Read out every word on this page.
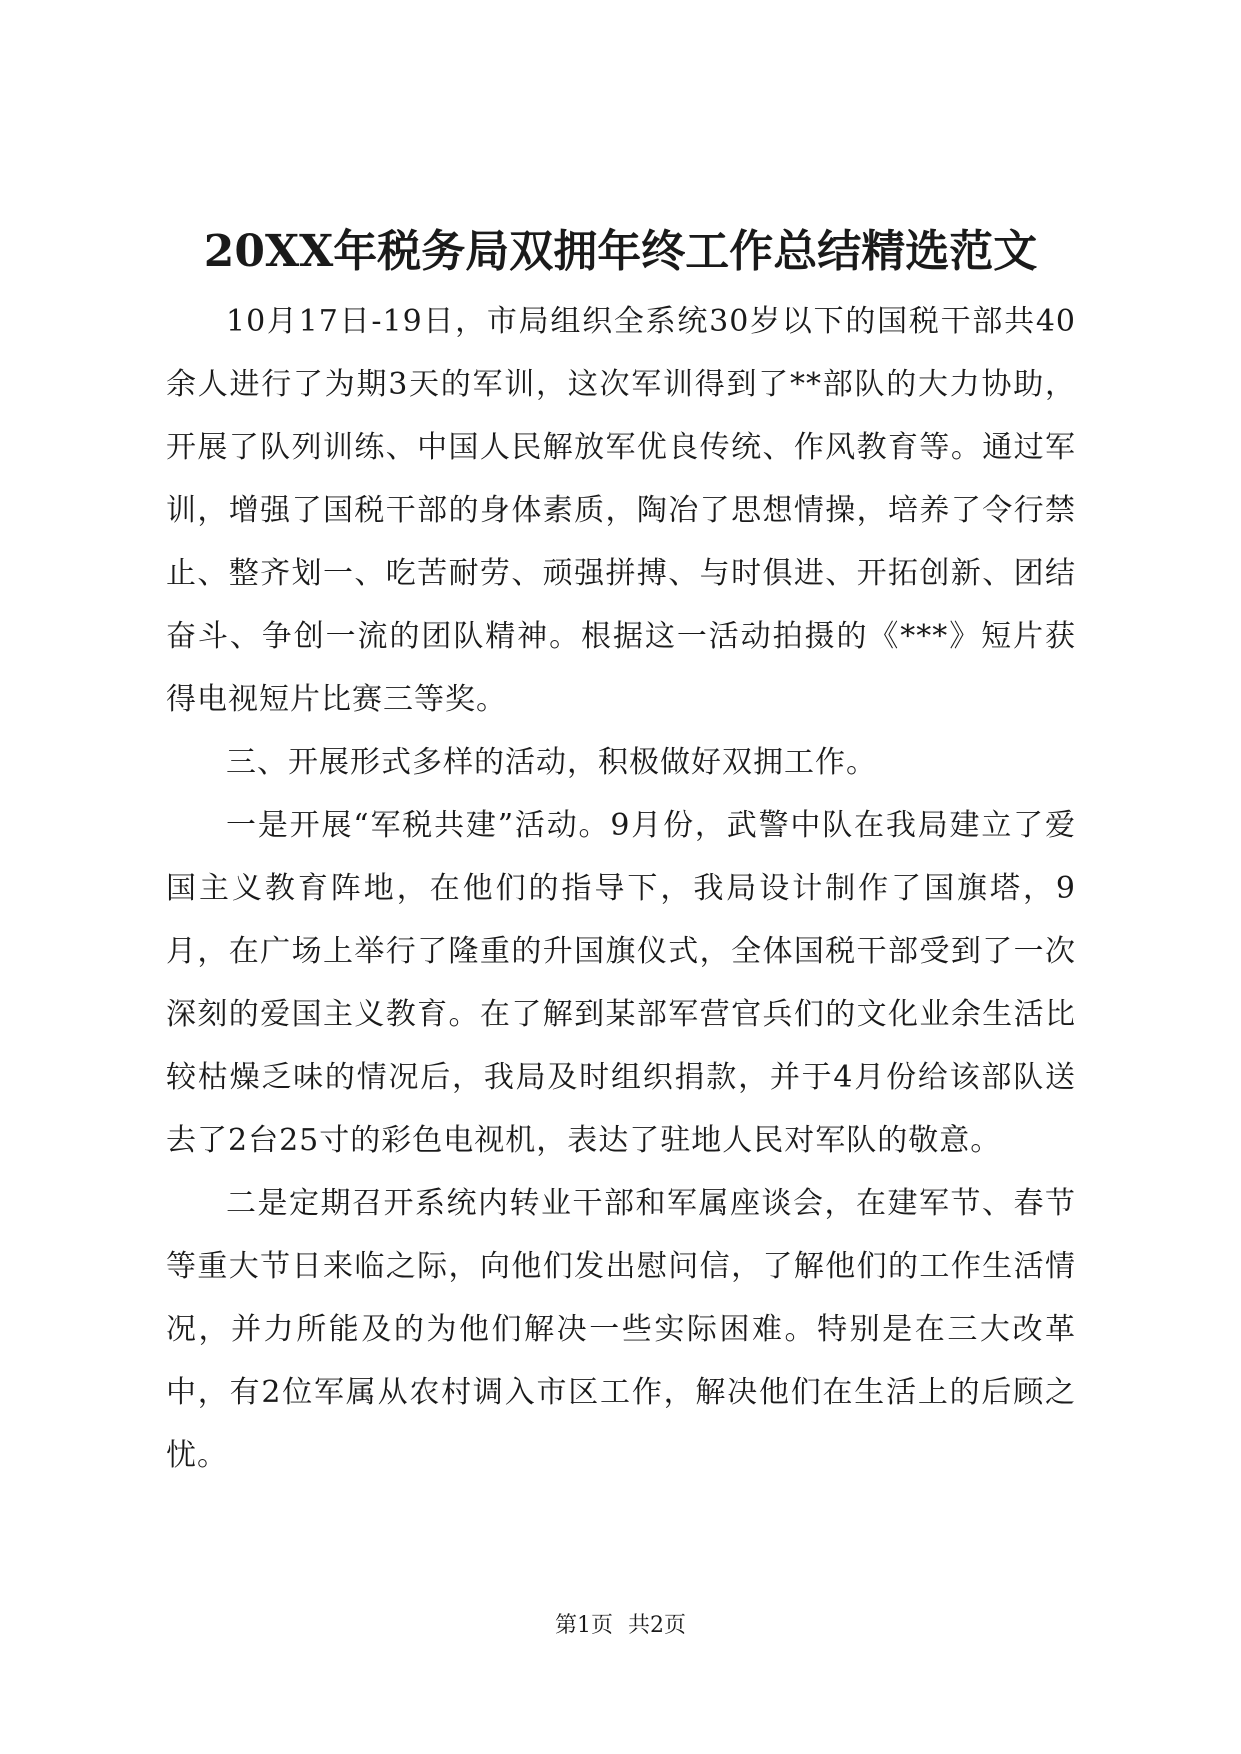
20XX年税务局双拥年终工作总结精选范文

10月17日-19日，市局组织全系统30岁以下的国税干部共40余人进行了为期3天的军训，这次军训得到了**部队的大力协助，开展了队列训练、中国人民解放军优良传统、作风教育等。通过军训，增强了国税干部的身体素质，陶冶了思想情操，培养了令行禁止、整齐划一、吃苦耐劳、顽强拼搏、与时俱进、开拓创新、团结奋斗、争创一流的团队精神。根据这一活动拍摄的《***》短片获得电视短片比赛三等奖。

三、开展形式多样的活动，积极做好双拥工作。

一是开展“军税共建”活动。9月份，武警中队在我局建立了爱国主义教育阵地，在他们的指导下，我局设计制作了国旗塔，9月，在广场上举行了隆重的升国旗仪式，全体国税干部受到了一次深刻的爱国主义教育。在了解到某部军营官兵们的文化业余生活比较枯燥乏味的情况后，我局及时组织捐款，并于4月份给该部队送去了2台25寸的彩色电视机，表达了驻地人民对军队的敬意。

二是定期召开系统内转业干部和军属座谈会，在建军节、春节等重大节日来临之际，向他们发出慰问信，了解他们的工作生活情况，并力所能及的为他们解决一些实际困难。特别是在三大改革中，有2位军属从农村调入市区工作，解决他们在生活上的后顾之忧。

第1页 共2页
